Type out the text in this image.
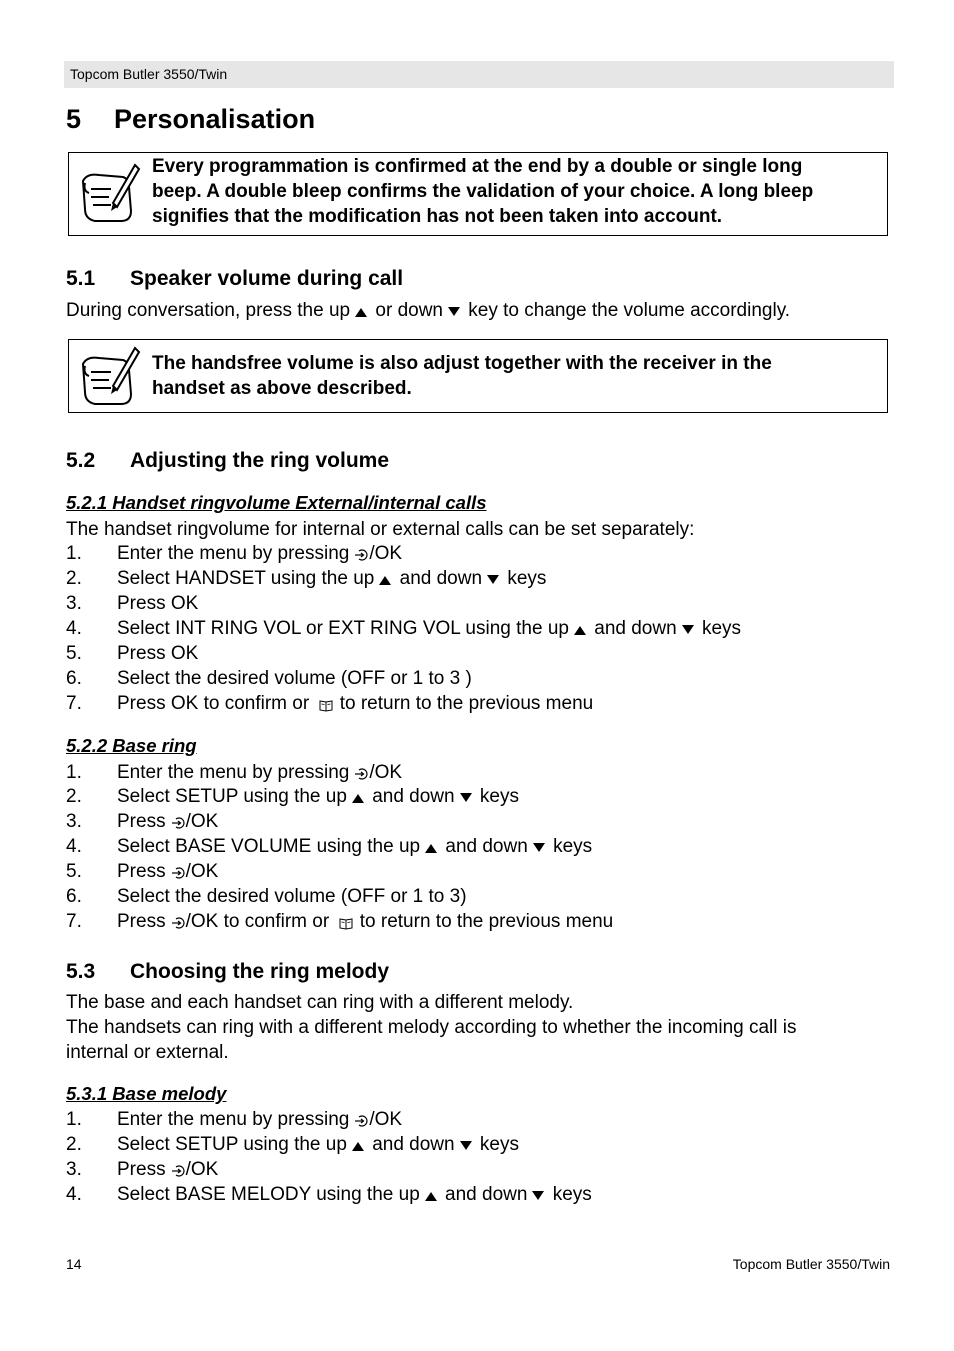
Topcom Butler 3550/Twin
5 Personalisation
Every programmation is confirmed at the end by a double or single long
beep. A double bleep confirms the validation of your choice. A long bleep
signifies that the modification has not been taken into account.
5.1 Speaker volume during call
During conversation, press the up or down key to change the volume accordingly.
The handsfree volume is also adjust together with the receiver in the
handset as above described.
5.2 Adjusting the ring volume
5.2.1 Handset ringvolume External/internal calls
The handset ringvolume for internal or external calls can be set separately:
1. Enter the menu by pressing /OK
2. Select HANDSET using the up and down keys
3. Press OK
4. Select INT RING VOL or EXT RING VOL using the up and down keys
5. Press OK
6. Select the desired volume (OFF or 1 to 3 )
7. Press OK to confirm or to return to the previous menu
5.2.2 Base ring
1. Enter the menu by pressing /OK
2. Select SETUP using the up and down keys
3. Press /OK
4. Select BASE VOLUME using the up and down keys
5. Press /OK
6. Select the desired volume (OFF or 1 to 3)
7. Press /OK to confirm or to return to the previous menu
5.3 Choosing the ring melody
The base and each handset can ring with a different melody.
The handsets can ring with a different melody according to whether the incoming call is
internal or external.
5.3.1 Base melody
1. Enter the menu by pressing /OK
2. Select SETUP using the up and down keys
3. Press /OK
4. Select BASE MELODY using the up and down keys
14	Topcom Butler 3550/Twin
